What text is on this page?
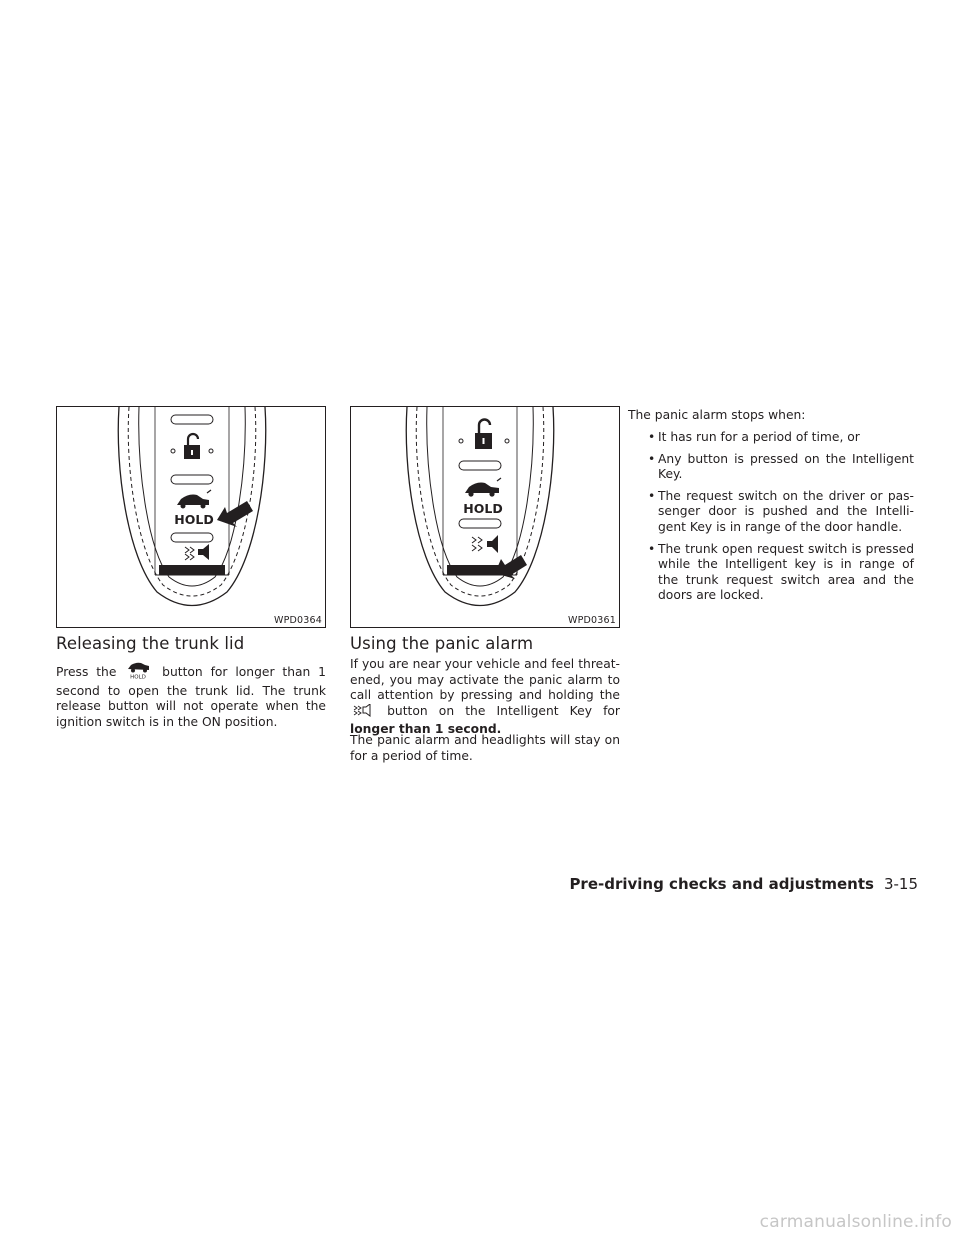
HOLD
WPD0364
HOLD
WPD0361
Releasing the trunk lid

Press the	HOLD button for longer than 1 second to open the trunk lid. The trunk release button will not operate when the ignition switch is in the ON position.

Using the panic alarm

If you are near your vehicle and feel threat-ened, you may activate the panic alarm to call attention by pressing and holding the  button on the Intelligent Key for longer than 1 second.

The panic alarm and headlights will stay on for a period of time.

The panic alarm stops when:
• It has run for a period of time, or
• Any button is pressed on the Intelligent Key.
• The request switch on the driver or pas-senger door is pushed and the Intelli-gent Key is in range of the door handle.
• The trunk open request switch is pressed while the Intelligent key is in range of the trunk request switch area and the doors are locked.
Pre-driving checks and adjustments 3-15
carmanualsonline.info
